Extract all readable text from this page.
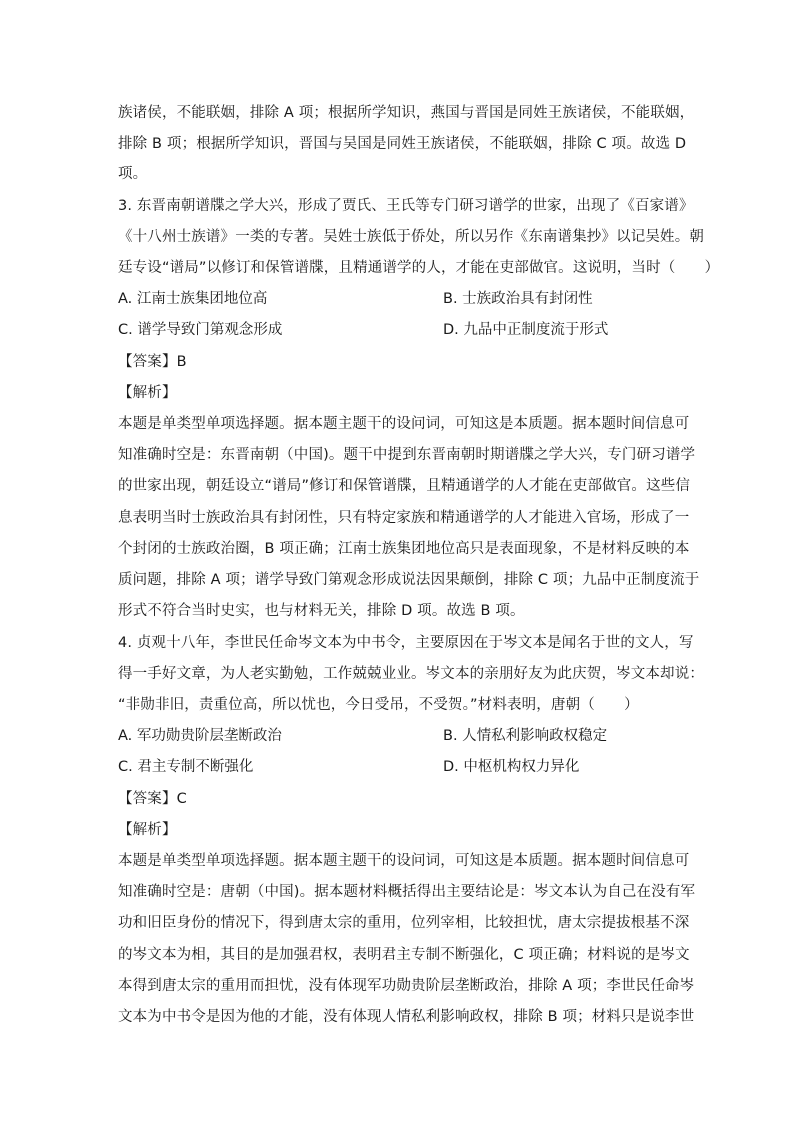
族诸侯，不能联姻，排除 A 项；根据所学知识，燕国与晋国是同姓王族诸侯，不能联姻，
排除 B 项；根据所学知识，晋国与吴国是同姓王族诸侯，不能联姻，排除 C 项。故选 D
项。
3. 东晋南朝谱牒之学大兴，形成了贾氏、王氏等专门研习谱学的世家，出现了《百家谱》
《十八州士族谱》一类的专著。吴姓士族低于侨处，所以另作《东南谱集抄》以记吴姓。朝
廷专设“谱局”以修订和保管谱牒，且精通谱学的人，才能在吏部做官。这说明，当时（　　）
A. 江南士族集团地位高	B. 士族政治具有封闭性
C. 谱学导致门第观念形成	D. 九品中正制度流于形式
【答案】B
【解析】
本题是单类型单项选择题。据本题主题干的设问词，可知这是本质题。据本题时间信息可
知准确时空是：东晋南朝（中国)。题干中提到东晋南朝时期谱牒之学大兴，专门研习谱学
的世家出现，朝廷设立“谱局”修订和保管谱牒，且精通谱学的人才能在吏部做官。这些信
息表明当时士族政治具有封闭性，只有特定家族和精通谱学的人才能进入官场，形成了一
个封闭的士族政治圈，B 项正确；江南士族集团地位高只是表面现象，不是材料反映的本
质问题，排除 A 项；谱学导致门第观念形成说法因果颠倒，排除 C 项；九品中正制度流于
形式不符合当时史实，也与材料无关，排除 D 项。故选 B 项。
4. 贞观十八年，李世民任命岑文本为中书令，主要原因在于岑文本是闻名于世的文人，写
得一手好文章，为人老实勤勉，工作兢兢业业。岑文本的亲朋好友为此庆贺，岑文本却说：
“非勋非旧，责重位高，所以忧也，今日受吊，不受贺。”材料表明，唐朝（　　）
A. 军功勋贵阶层垄断政治	B. 人情私利影响政权稳定
C. 君主专制不断强化	D. 中枢机构权力异化
【答案】C
【解析】
本题是单类型单项选择题。据本题主题干的设问词，可知这是本质题。据本题时间信息可
知准确时空是：唐朝（中国)。据本题材料概括得出主要结论是：岑文本认为自己在没有军
功和旧臣身份的情况下，得到唐太宗的重用，位列宰相，比较担忧，唐太宗提拔根基不深
的岑文本为相，其目的是加强君权，表明君主专制不断强化，C 项正确；材料说的是岑文
本得到唐太宗的重用而担忧，没有体现军功勋贵阶层垄断政治，排除 A 项；李世民任命岑
文本为中书令是因为他的才能，没有体现人情私利影响政权，排除 B 项；材料只是说李世
